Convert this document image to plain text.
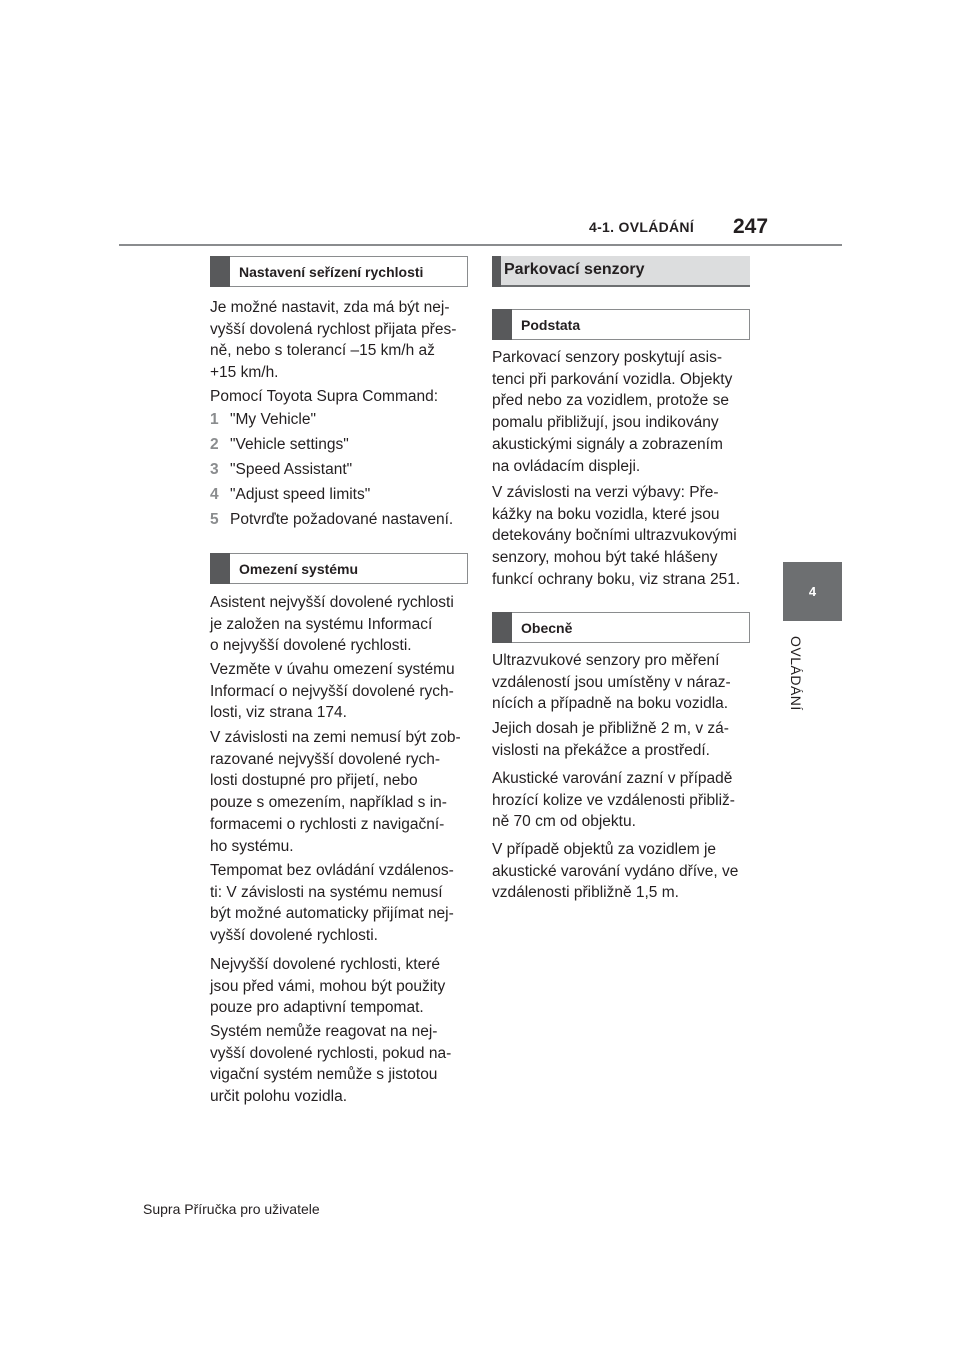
4-1. OVLÁDÁNÍ 247
4
OVLÁDÁNÍ
Nastavení seřízení rychlosti
Je možné nastavit, zda má být nej-
vyšší dovolená rychlost přijata přes-
ně, nebo s tolerancí –15 km/h až
+15 km/h.
Pomocí Toyota Supra Command:
1 "My Vehicle"
2 "Vehicle settings"
3 "Speed Assistant"
4 "Adjust speed limits"
5 Potvrďte požadované nastavení.
Omezení systému
Asistent nejvyšší dovolené rychlosti
je založen na systému Informací
o nejvyšší dovolené rychlosti.
Vezměte v úvahu omezení systému
Informací o nejvyšší dovolené rych-
losti, viz strana 174.
V závislosti na zemi nemusí být zob-
razované nejvyšší dovolené rych-
losti dostupné pro přijetí, nebo
pouze s omezením, například s in-
formacemi o rychlosti z navigační-
ho systému.
Tempomat bez ovládání vzdálenos-
ti: V závislosti na systému nemusí
být možné automaticky přijímat nej-
vyšší dovolené rychlosti.
Nejvyšší dovolené rychlosti, které
jsou před vámi, mohou být použity
pouze pro adaptivní tempomat.
Systém nemůže reagovat na nej-
vyšší dovolené rychlosti, pokud na-
vigační systém nemůže s jistotou
určit polohu vozidla.
Parkovací senzory
Podstata
Parkovací senzory poskytují asis-
tenci při parkování vozidla. Objekty
před nebo za vozidlem, protože se
pomalu přibližují, jsou indikovány
akustickými signály a zobrazením
na ovládacím displeji.
V závislosti na verzi výbavy: Pře-
kážky na boku vozidla, které jsou
detekovány bočními ultrazvukovými
senzory, mohou být také hlášeny
funkcí ochrany boku, viz strana 251.
Obecně
Ultrazvukové senzory pro měření
vzdáleností jsou umístěny v náraz-
nících a případně na boku vozidla.
Jejich dosah je přibližně 2 m, v zá-
vislosti na překážce a prostředí.
Akustické varování zazní v případě
hrozící kolize ve vzdálenosti přibliž-
ně 70 cm od objektu.
V případě objektů za vozidlem je
akustické varování vydáno dříve, ve
vzdálenosti přibližně 1,5 m.
Supra Příručka pro uživatele
